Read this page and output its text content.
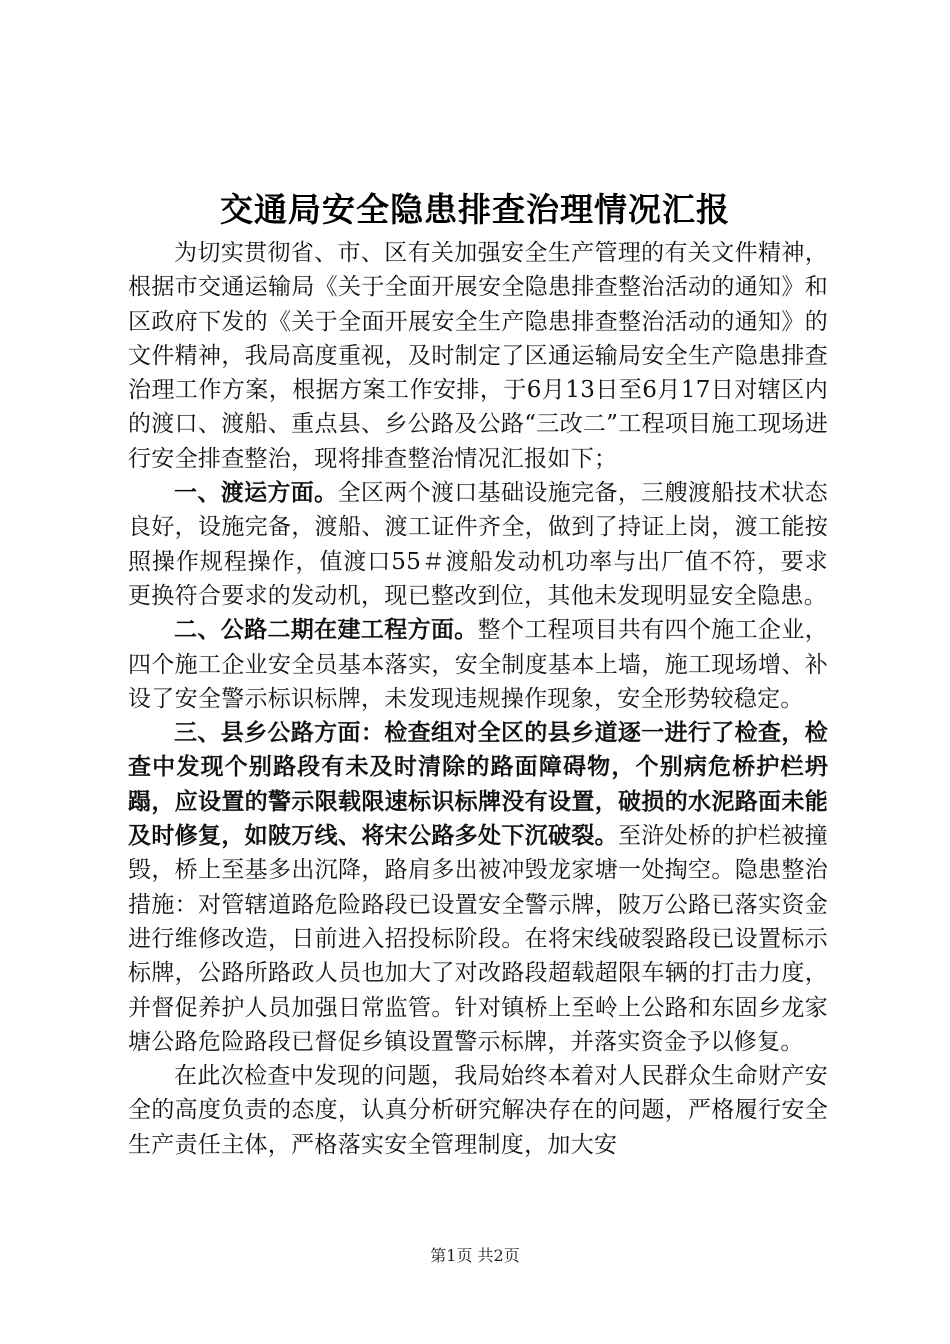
交通局安全隐患排查治理情况汇报

为切实贯彻省、市、区有关加强安全生产管理的有关文件精神，根据市交通运输局《关于全面开展安全隐患排查整治活动的通知》和区政府下发的《关于全面开展安全生产隐患排查整治活动的通知》的文件精神，我局高度重视，及时制定了区通运输局安全生产隐患排查治理工作方案，根据方案工作安排，于6月13日至6月17日对辖区内的渡口、渡船、重点县、乡公路及公路“三改二”工程项目施工现场进行安全排查整治，现将排查整治情况汇报如下；

一、渡运方面。全区两个渡口基础设施完备，三艘渡船技术状态良好，设施完备，渡船、渡工证件齐全，做到了持证上岗，渡工能按照操作规程操作，值渡口55＃渡船发动机功率与出厂值不符，要求更换符合要求的发动机，现已整改到位，其他未发现明显安全隐患。

二、公路二期在建工程方面。整个工程项目共有四个施工企业，四个施工企业安全员基本落实，安全制度基本上墙，施工现场增、补设了安全警示标识标牌，未发现违规操作现象，安全形势较稳定。

三、县乡公路方面：检查组对全区的县乡道逐一进行了检查，检查中发现个别路段有未及时清除的路面障碍物，个别病危桥护栏坍蹋，应设置的警示限载限速标识标牌没有设置，破损的水泥路面未能及时修复，如陂万线、将宋公路多处下沉破裂。至浒处桥的护栏被撞毁，桥上至基多出沉降，路肩多出被冲毁龙家塘一处掏空。隐患整治措施：对管辖道路危险路段已设置安全警示牌，陂万公路已落实资金进行维修改造，日前进入招投标阶段。在将宋线破裂路段已设置标示标牌，公路所路政人员也加大了对改路段超载超限车辆的打击力度，并督促养护人员加强日常监管。针对镇桥上至岭上公路和东固乡龙家塘公路危险路段已督促乡镇设置警示标牌，并落实资金予以修复。

在此次检查中发现的问题，我局始终本着对人民群众生命财产安全的高度负责的态度，认真分析研究解决存在的问题，严格履行安全生产责任主体，严格落实安全管理制度，加大安

第1页 共2页
